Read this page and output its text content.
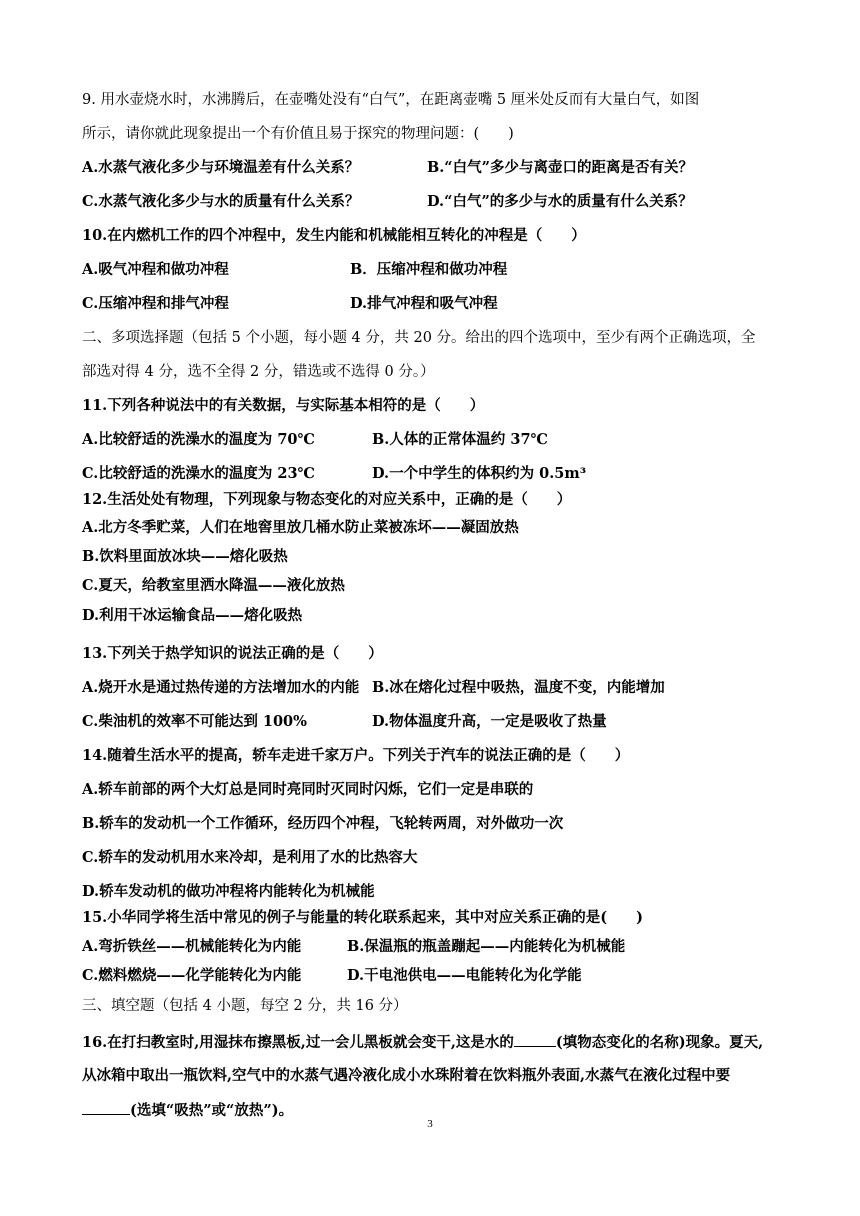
9. 用水壶烧水时，水沸腾后，在壶嘴处没有“白气”，在距离壶嘴 5 厘米处反而有大量白气，如图
所示，请你就此现象提出一个有价值且易于探究的物理问题：(　　)
A.水蒸气液化多少与环境温差有什么关系？	B.“白气”多少与离壶口的距离是否有关？
C.水蒸气液化多少与水的质量有什么关系？	D.“白气”的多少与水的质量有什么关系？
10.在内燃机工作的四个冲程中，发生内能和机械能相互转化的冲程是（　　）
A.吸气冲程和做功冲程	B．压缩冲程和做功冲程
C.压缩冲程和排气冲程	D.排气冲程和吸气冲程
二、多项选择题（包括 5 个小题，每小题 4 分，共 20 分。给出的四个选项中，至少有两个正确选项，全
部选对得 4 分，选不全得 2 分，错选或不选得 0 分。）
11.下列各种说法中的有关数据，与实际基本相符的是（　　）
A.比较舒适的洗澡水的温度为 70℃	B.人体的正常体温约 37℃
C.比较舒适的洗澡水的温度为 23℃	D.一个中学生的体积约为 0.5m³
12.生活处处有物理，下列现象与物态变化的对应关系中，正确的是（　　）
A.北方冬季贮菜，人们在地窖里放几桶水防止菜被冻坏——凝固放热
B.饮料里面放冰块——熔化吸热
C.夏天，给教室里洒水降温——液化放热
D.利用干冰运输食品——熔化吸热
13.下列关于热学知识的说法正确的是（　　）
A.烧开水是通过热传递的方法增加水的内能 B.冰在熔化过程中吸热，温度不变，内能增加
C.柴油机的效率不可能达到 100%	D.物体温度升高，一定是吸收了热量
14.随着生活水平的提高，轿车走进千家万户。下列关于汽车的说法正确的是（　　）
A.轿车前部的两个大灯总是同时亮同时灭同时闪烁，它们一定是串联的
B.轿车的发动机一个工作循环，经历四个冲程，飞轮转两周，对外做功一次
C.轿车的发动机用水来冷却，是利用了水的比热容大
D.轿车发动机的做功冲程将内能转化为机械能
15.小华同学将生活中常见的例子与能量的转化联系起来，其中对应关系正确的是(　　)
A.弯折铁丝——机械能转化为内能	B.保温瓶的瓶盖蹦起——内能转化为机械能
C.燃料燃烧——化学能转化为内能	D.干电池供电——电能转化为化学能
三、填空题（包括 4 小题，每空 2 分，共 16 分）
16.在打扫教室时,用湿抹布擦黑板,过一会儿黑板就会变干,这是水的	(填物态变化的名称)现象。夏天,
从冰箱中取出一瓶饮料,空气中的水蒸气遇冷液化成小水珠附着在饮料瓶外表面,水蒸气在液化过程中要
(选填“吸热”或“放热”)。
3
